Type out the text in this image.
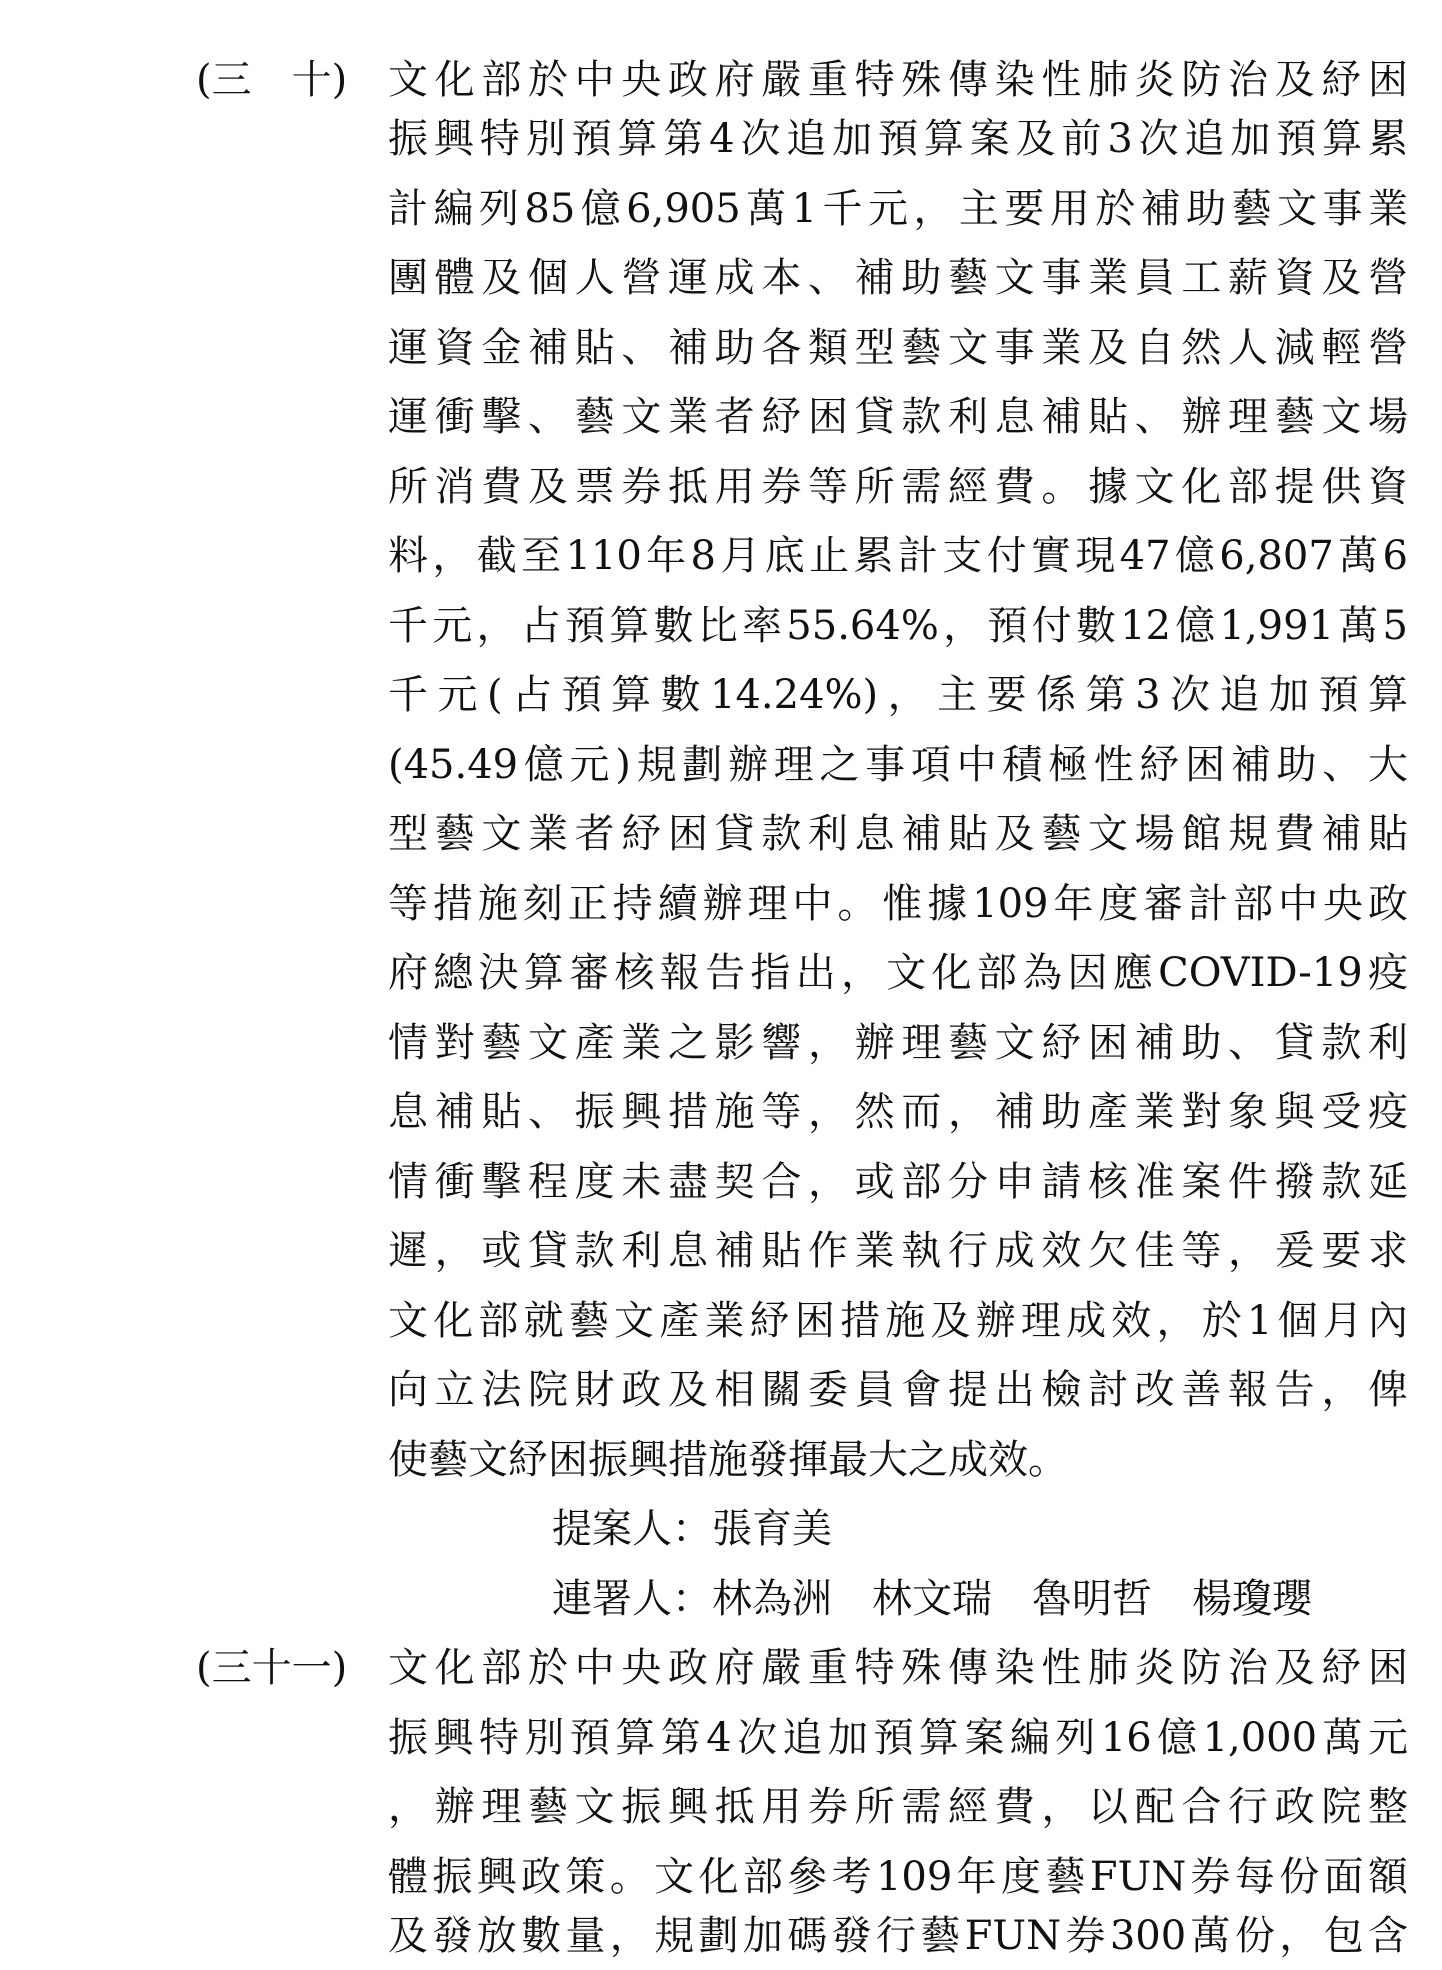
(三　十) 文化部於中央政府嚴重特殊傳染性肺炎防治及紓困

振興特別預算第4次追加預算案及前3次追加預算累

計編列85億6,905萬1千元，主要用於補助藝文事業

團體及個人營運成本、補助藝文事業員工薪資及營

運資金補貼、補助各類型藝文事業及自然人減輕營

運衝擊、藝文業者紓困貸款利息補貼、辦理藝文場

所消費及票券抵用券等所需經費。據文化部提供資

料，截至110年8月底止累計支付實現47億6,807萬6

千元，占預算數比率55.64%，預付數12億1,991萬5

千元(占預算數14.24%)，主要係第3次追加預算

(45.49億元)規劃辦理之事項中積極性紓困補助、大

型藝文業者紓困貸款利息補貼及藝文場館規費補貼

等措施刻正持續辦理中。惟據109年度審計部中央政

府總決算審核報告指出，文化部為因應COVID-19疫

情對藝文產業之影響，辦理藝文紓困補助、貸款利

息補貼、振興措施等，然而，補助產業對象與受疫

情衝擊程度未盡契合，或部分申請核准案件撥款延

遲，或貸款利息補貼作業執行成效欠佳等，爰要求

文化部就藝文產業紓困措施及辦理成效，於1個月內

向立法院財政及相關委員會提出檢討改善報告，俾

使藝文紓困振興措施發揮最大之成效。

提案人：張育美

連署人：林為洲　林文瑞　魯明哲　楊瓊瓔

(三十一) 文化部於中央政府嚴重特殊傳染性肺炎防治及紓困

振興特別預算第4次追加預算案編列16億1,000萬元

，辦理藝文振興抵用券所需經費，以配合行政院整

體振興政策。文化部參考109年度藝FUN券每份面額

及發放數量，規劃加碼發行藝FUN券300萬份，包含
